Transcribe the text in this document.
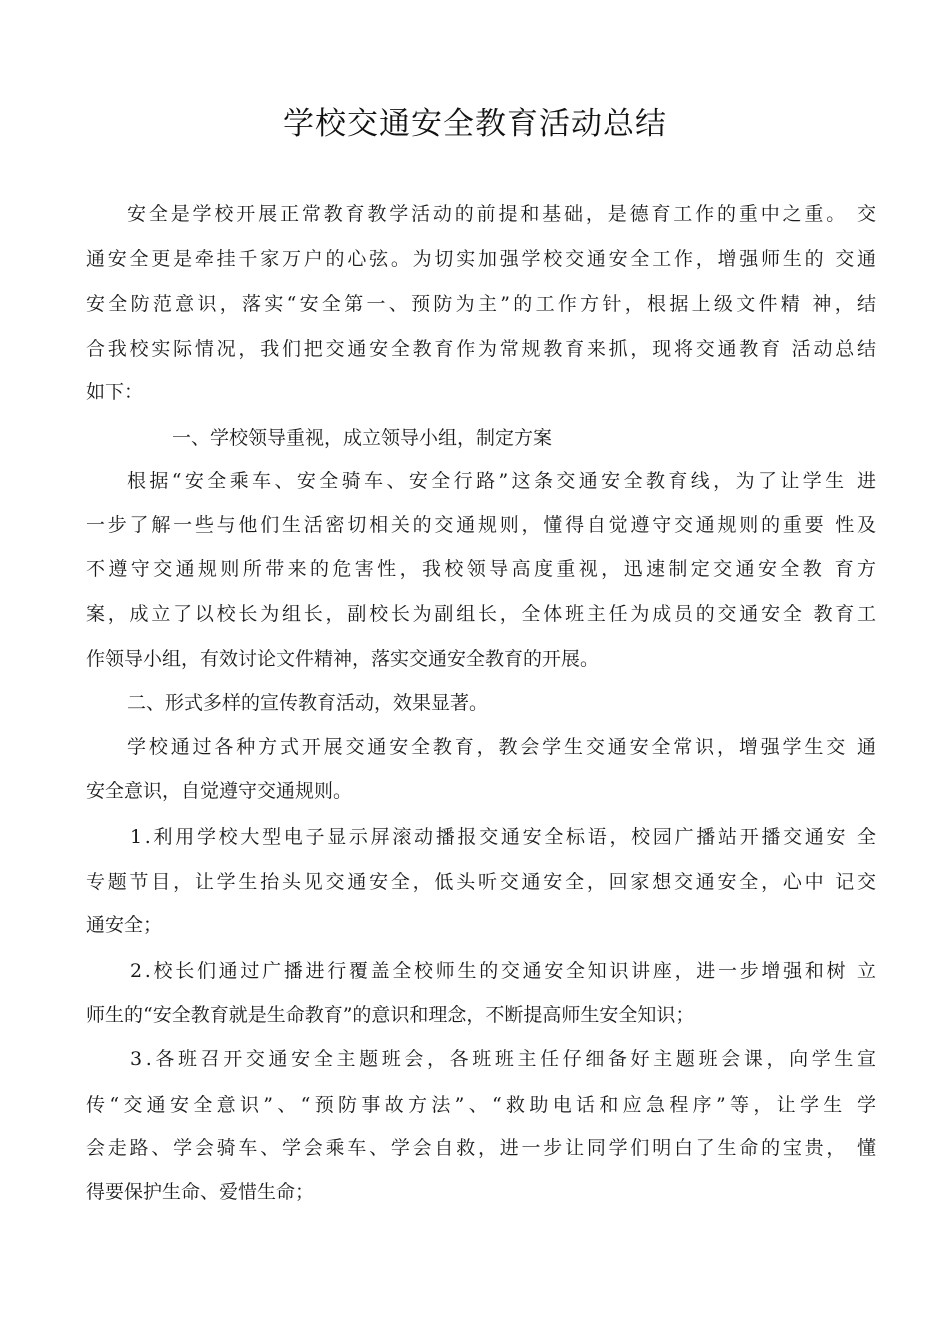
学校交通安全教育活动总结
安全是学校开展正常教育教学活动的前提和基础，是德育工作的重中之重。 交
通安全更是牵挂千家万户的心弦。为切实加强学校交通安全工作，增强师生的 交通
安全防范意识，落实“安全第一、预防为主”的工作方针，根据上级文件精 神，结
合我校实际情况，我们把交通安全教育作为常规教育来抓，现将交通教育 活动总结
如下：
一、学校领导重视，成立领导小组，制定方案
根据“安全乘车、安全骑车、安全行路”这条交通安全教育线，为了让学生 进
一步了解一些与他们生活密切相关的交通规则，懂得自觉遵守交通规则的重要 性及
不遵守交通规则所带来的危害性，我校领导高度重视，迅速制定交通安全教 育方
案，成立了以校长为组长，副校长为副组长，全体班主任为成员的交通安全 教育工
作领导小组，有效讨论文件精神，落实交通安全教育的开展。
二、形式多样的宣传教育活动，效果显著。
学校通过各种方式开展交通安全教育，教会学生交通安全常识，增强学生交 通
安全意识，自觉遵守交通规则。
1.利用学校大型电子显示屏滚动播报交通安全标语，校园广播站开播交通安 全
专题节目，让学生抬头见交通安全，低头听交通安全，回家想交通安全，心中 记交
通安全；
2.校长们通过广播进行覆盖全校师生的交通安全知识讲座，进一步增强和树 立
师生的“安全教育就是生命教育”的意识和理念，不断提高师生安全知识；
3.各班召开交通安全主题班会，各班班主任仔细备好主题班会课，向学生宣
传“交通安全意识”、“预防事故方法”、“救助电话和应急程序”等，让学生 学
会走路、学会骑车、学会乘车、学会自救，进一步让同学们明白了生命的宝贵， 懂
得要保护生命、爱惜生命；
